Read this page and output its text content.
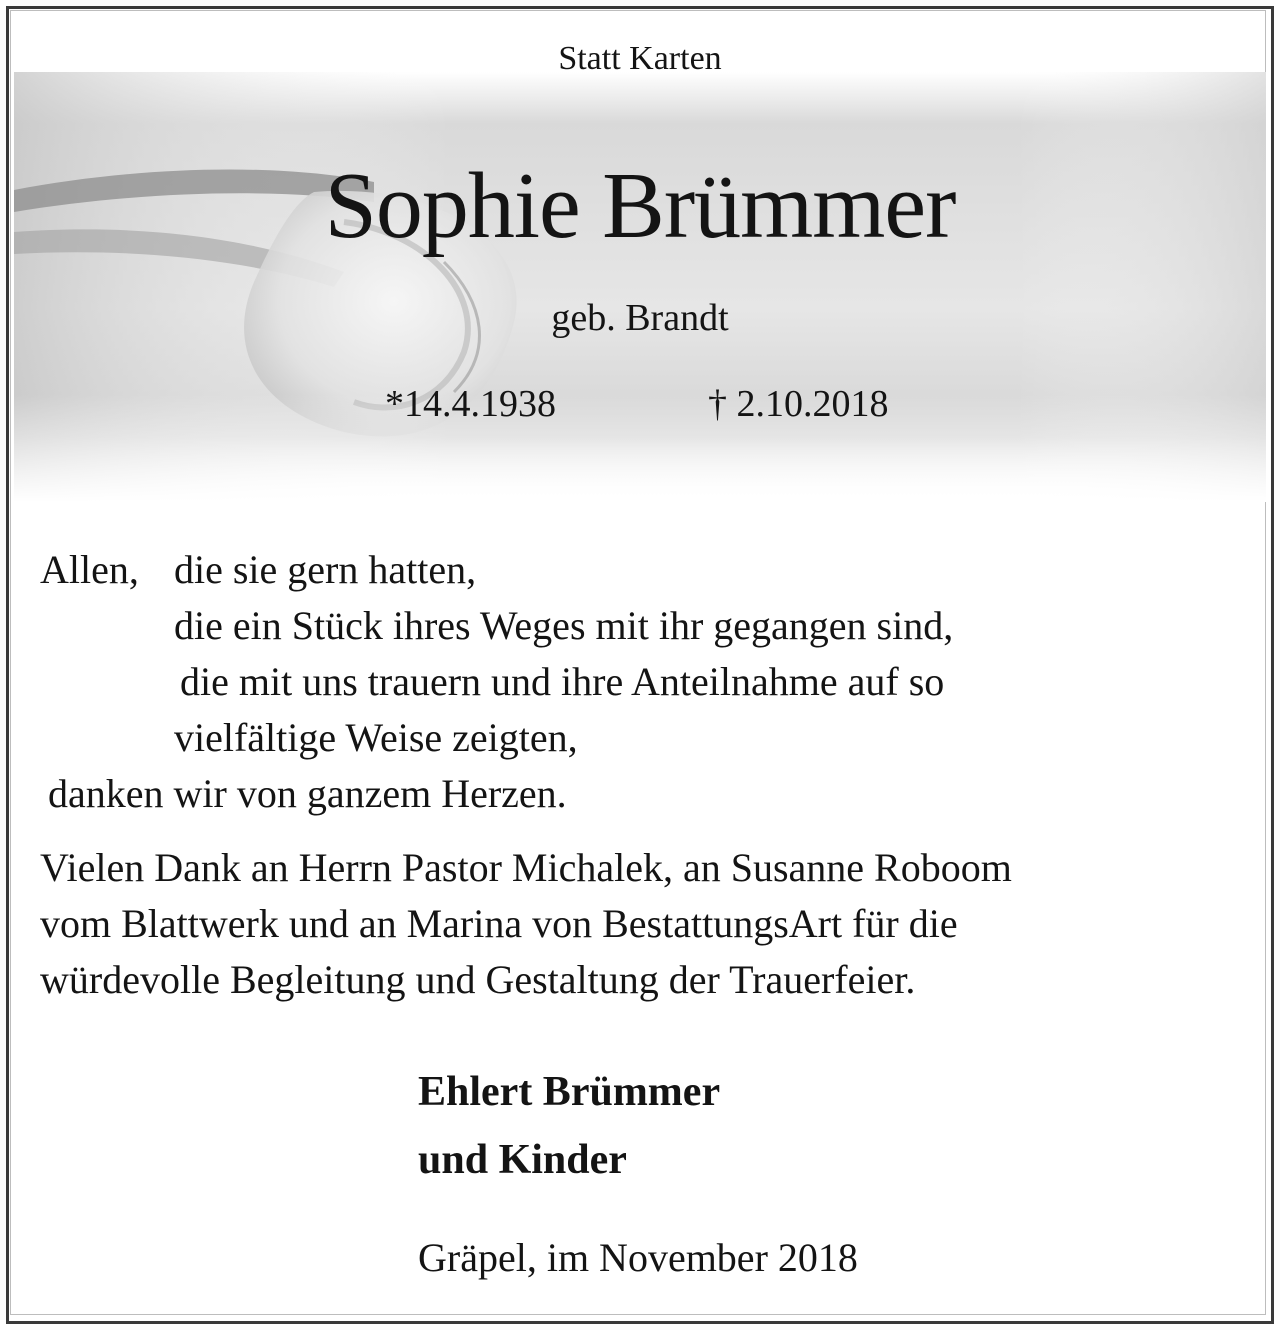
Statt Karten

Sophie Brümmer

geb. Brandt

*14.4.1938	† 2.10.2018

Allen, die sie gern hatten,

die ein Stück ihres Weges mit ihr gegangen sind,

die mit uns trauern und ihre Anteilnahme auf so

vielfältige Weise zeigten,

danken wir von ganzem Herzen.

Vielen Dank an Herrn Pastor Michalek, an Susanne Roboom

vom Blattwerk und an Marina von BestattungsArt für die

würdevolle Begleitung und Gestaltung der Trauerfeier.

Ehlert Brümmer

und Kinder

Gräpel, im November 2018
